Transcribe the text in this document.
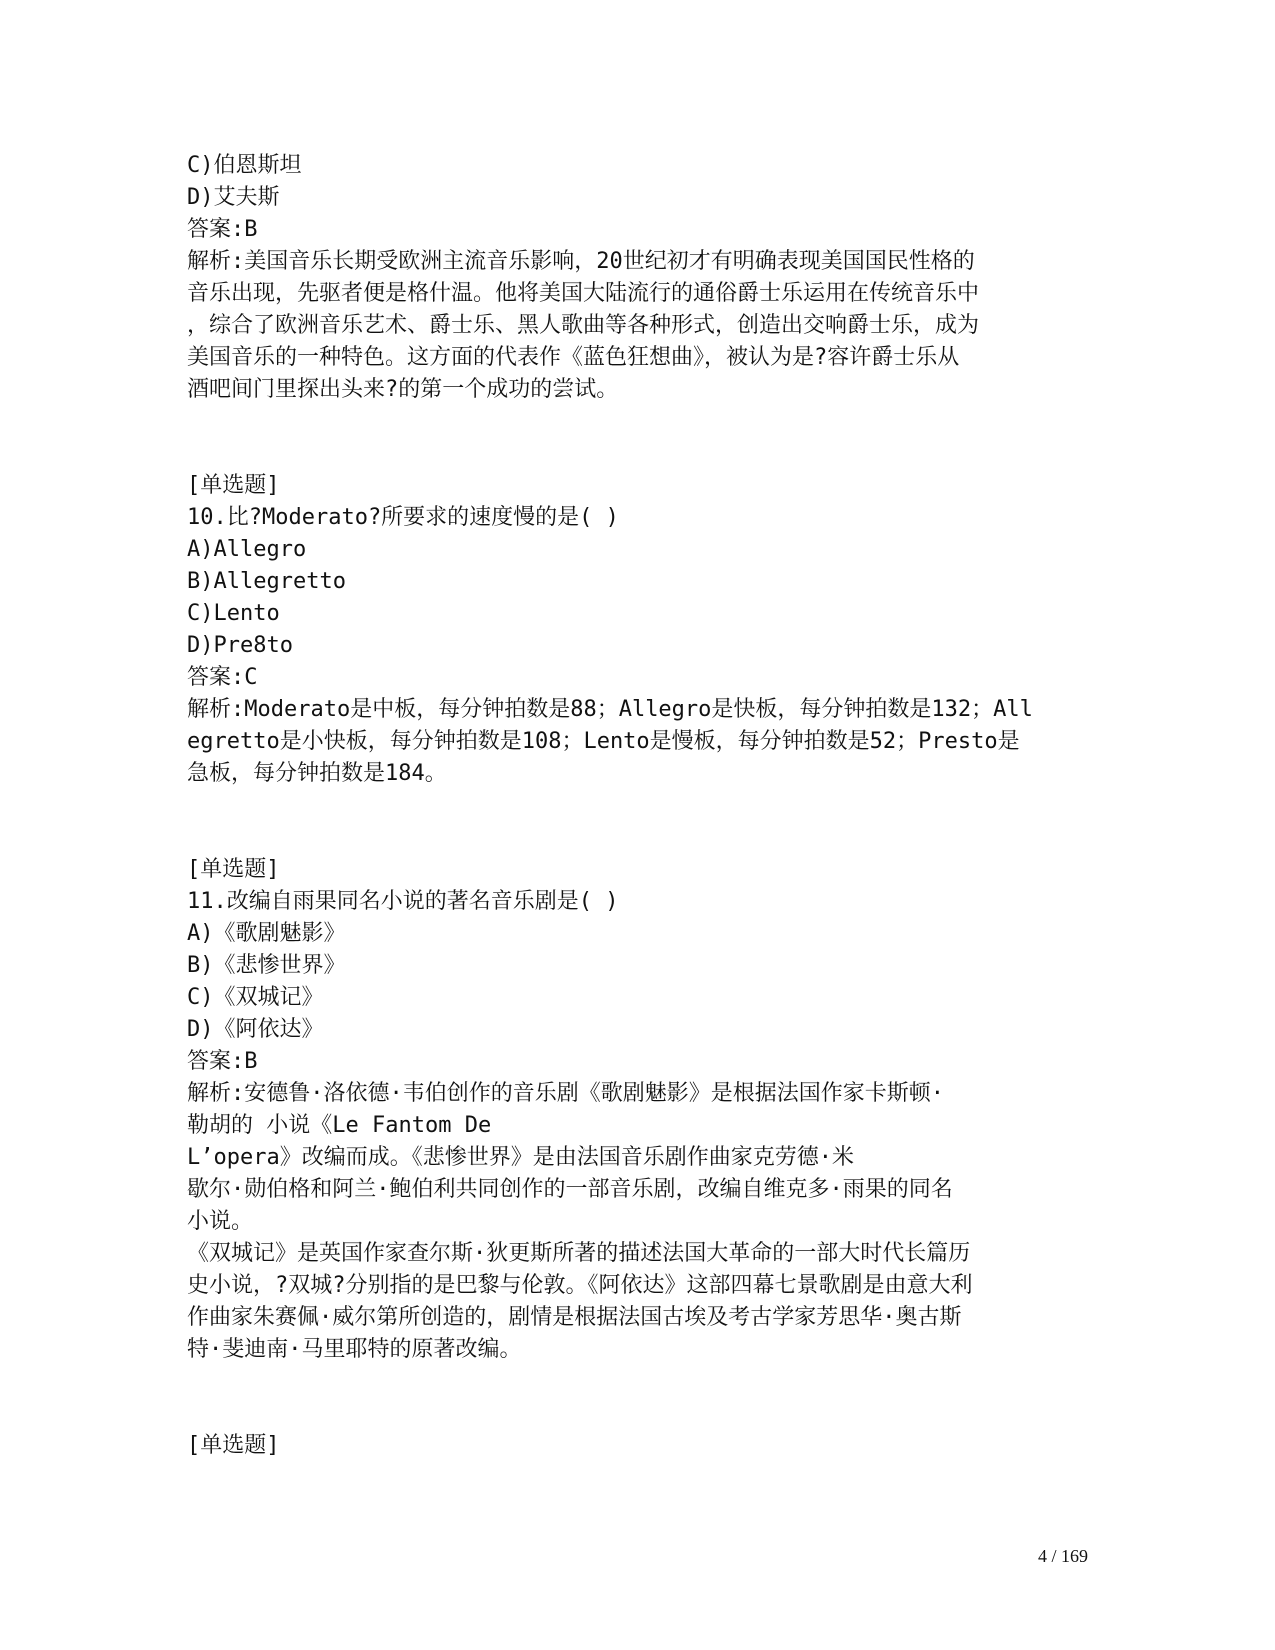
C)伯恩斯坦

D)艾夫斯

答案:B

解析:美国音乐长期受欧洲主流音乐影响，20世纪初才有明确表现美国国民性格的

音乐出现，先驱者便是格什温。他将美国大陆流行的通俗爵士乐运用在传统音乐中

，综合了欧洲音乐艺术、爵士乐、黑人歌曲等各种形式，创造出交响爵士乐，成为

美国音乐的一种特色。这方面的代表作《蓝色狂想曲》，被认为是?容许爵士乐从

酒吧间门里探出头来?的第一个成功的尝试。

[单选题]

10.比?Moderato?所要求的速度慢的是( )

A)Allegro

B)Allegretto

C)Lento

D)Pre8to

答案:C

解析:Moderato是中板，每分钟拍数是88；Allegro是快板，每分钟拍数是132；All

egretto是小快板，每分钟拍数是108；Lento是慢板，每分钟拍数是52；Presto是

急板，每分钟拍数是184。

[单选题]

11.改编自雨果同名小说的著名音乐剧是( )

A)《歌剧魅影》

B)《悲惨世界》

C)《双城记》

D)《阿依达》

答案:B

解析:安德鲁·洛依德·韦伯创作的音乐剧《歌剧魅影》是根据法国作家卡斯顿·

勒胡的 小说《Le Fantom De

L’opera》改编而成。《悲惨世界》是由法国音乐剧作曲家克劳德·米

歇尔·勋伯格和阿兰·鲍伯利共同创作的一部音乐剧，改编自维克多·雨果的同名

小说。

《双城记》是英国作家查尔斯·狄更斯所著的描述法国大革命的一部大时代长篇历

史小说，?双城?分别指的是巴黎与伦敦。《阿依达》这部四幕七景歌剧是由意大利

作曲家朱赛佩·威尔第所创造的，剧情是根据法国古埃及考古学家芳思华·奥古斯

特·斐迪南·马里耶特的原著改编。

[单选题]

4 / 169
